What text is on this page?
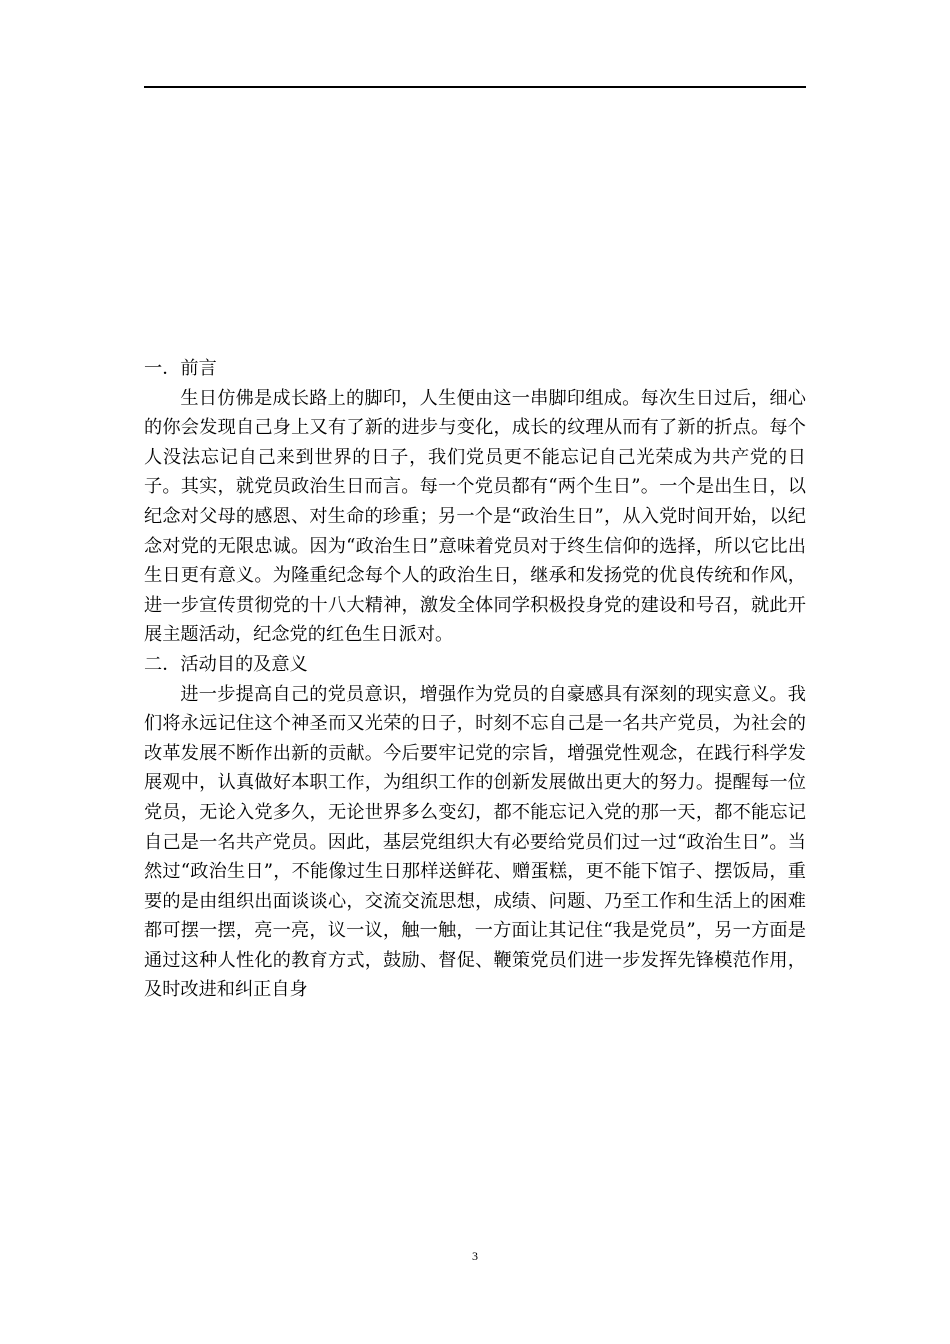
一．前言
生日仿佛是成长路上的脚印，人生便由这一串脚印组成。每次生日过后，细心的你会发现自己身上又有了新的进步与变化，成长的纹理从而有了新的折点。每个人没法忘记自己来到世界的日子，我们党员更不能忘记自己光荣成为共产党的日子。其实，就党员政治生日而言。每一个党员都有“两个生日”。一个是出生日，以纪念对父母的感恩、对生命的珍重；另一个是“政治生日”，从入党时间开始，以纪念对党的无限忠诚。因为“政治生日”意味着党员对于终生信仰的选择，所以它比出生日更有意义。为隆重纪念每个人的政治生日，继承和发扬党的优良传统和作风，进一步宣传贯彻党的十八大精神，激发全体同学积极投身党的建设和号召，就此开展主题活动，纪念党的红色生日派对。
二．活动目的及意义
进一步提高自己的党员意识，增强作为党员的自豪感具有深刻的现实意义。我们将永远记住这个神圣而又光荣的日子，时刻不忘自己是一名共产党员，为社会的改革发展不断作出新的贡献。今后要牢记党的宗旨，增强党性观念，在践行科学发展观中，认真做好本职工作，为组织工作的创新发展做出更大的努力。提醒每一位党员，无论入党多久，无论世界多么变幻，都不能忘记入党的那一天，都不能忘记自己是一名共产党员。因此，基层党组织大有必要给党员们过一过“政治生日”。当然过“政治生日”，不能像过生日那样送鲜花、赠蛋糕，更不能下馆子、摆饭局，重要的是由组织出面谈谈心，交流交流思想，成绩、问题、乃至工作和生活上的困难都可摆一摆，亮一亮，议一议，触一触，一方面让其记住“我是党员”，另一方面是通过这种人性化的教育方式，鼓励、督促、鞭策党员们进一步发挥先锋模范作用，及时改进和纠正自身
3
